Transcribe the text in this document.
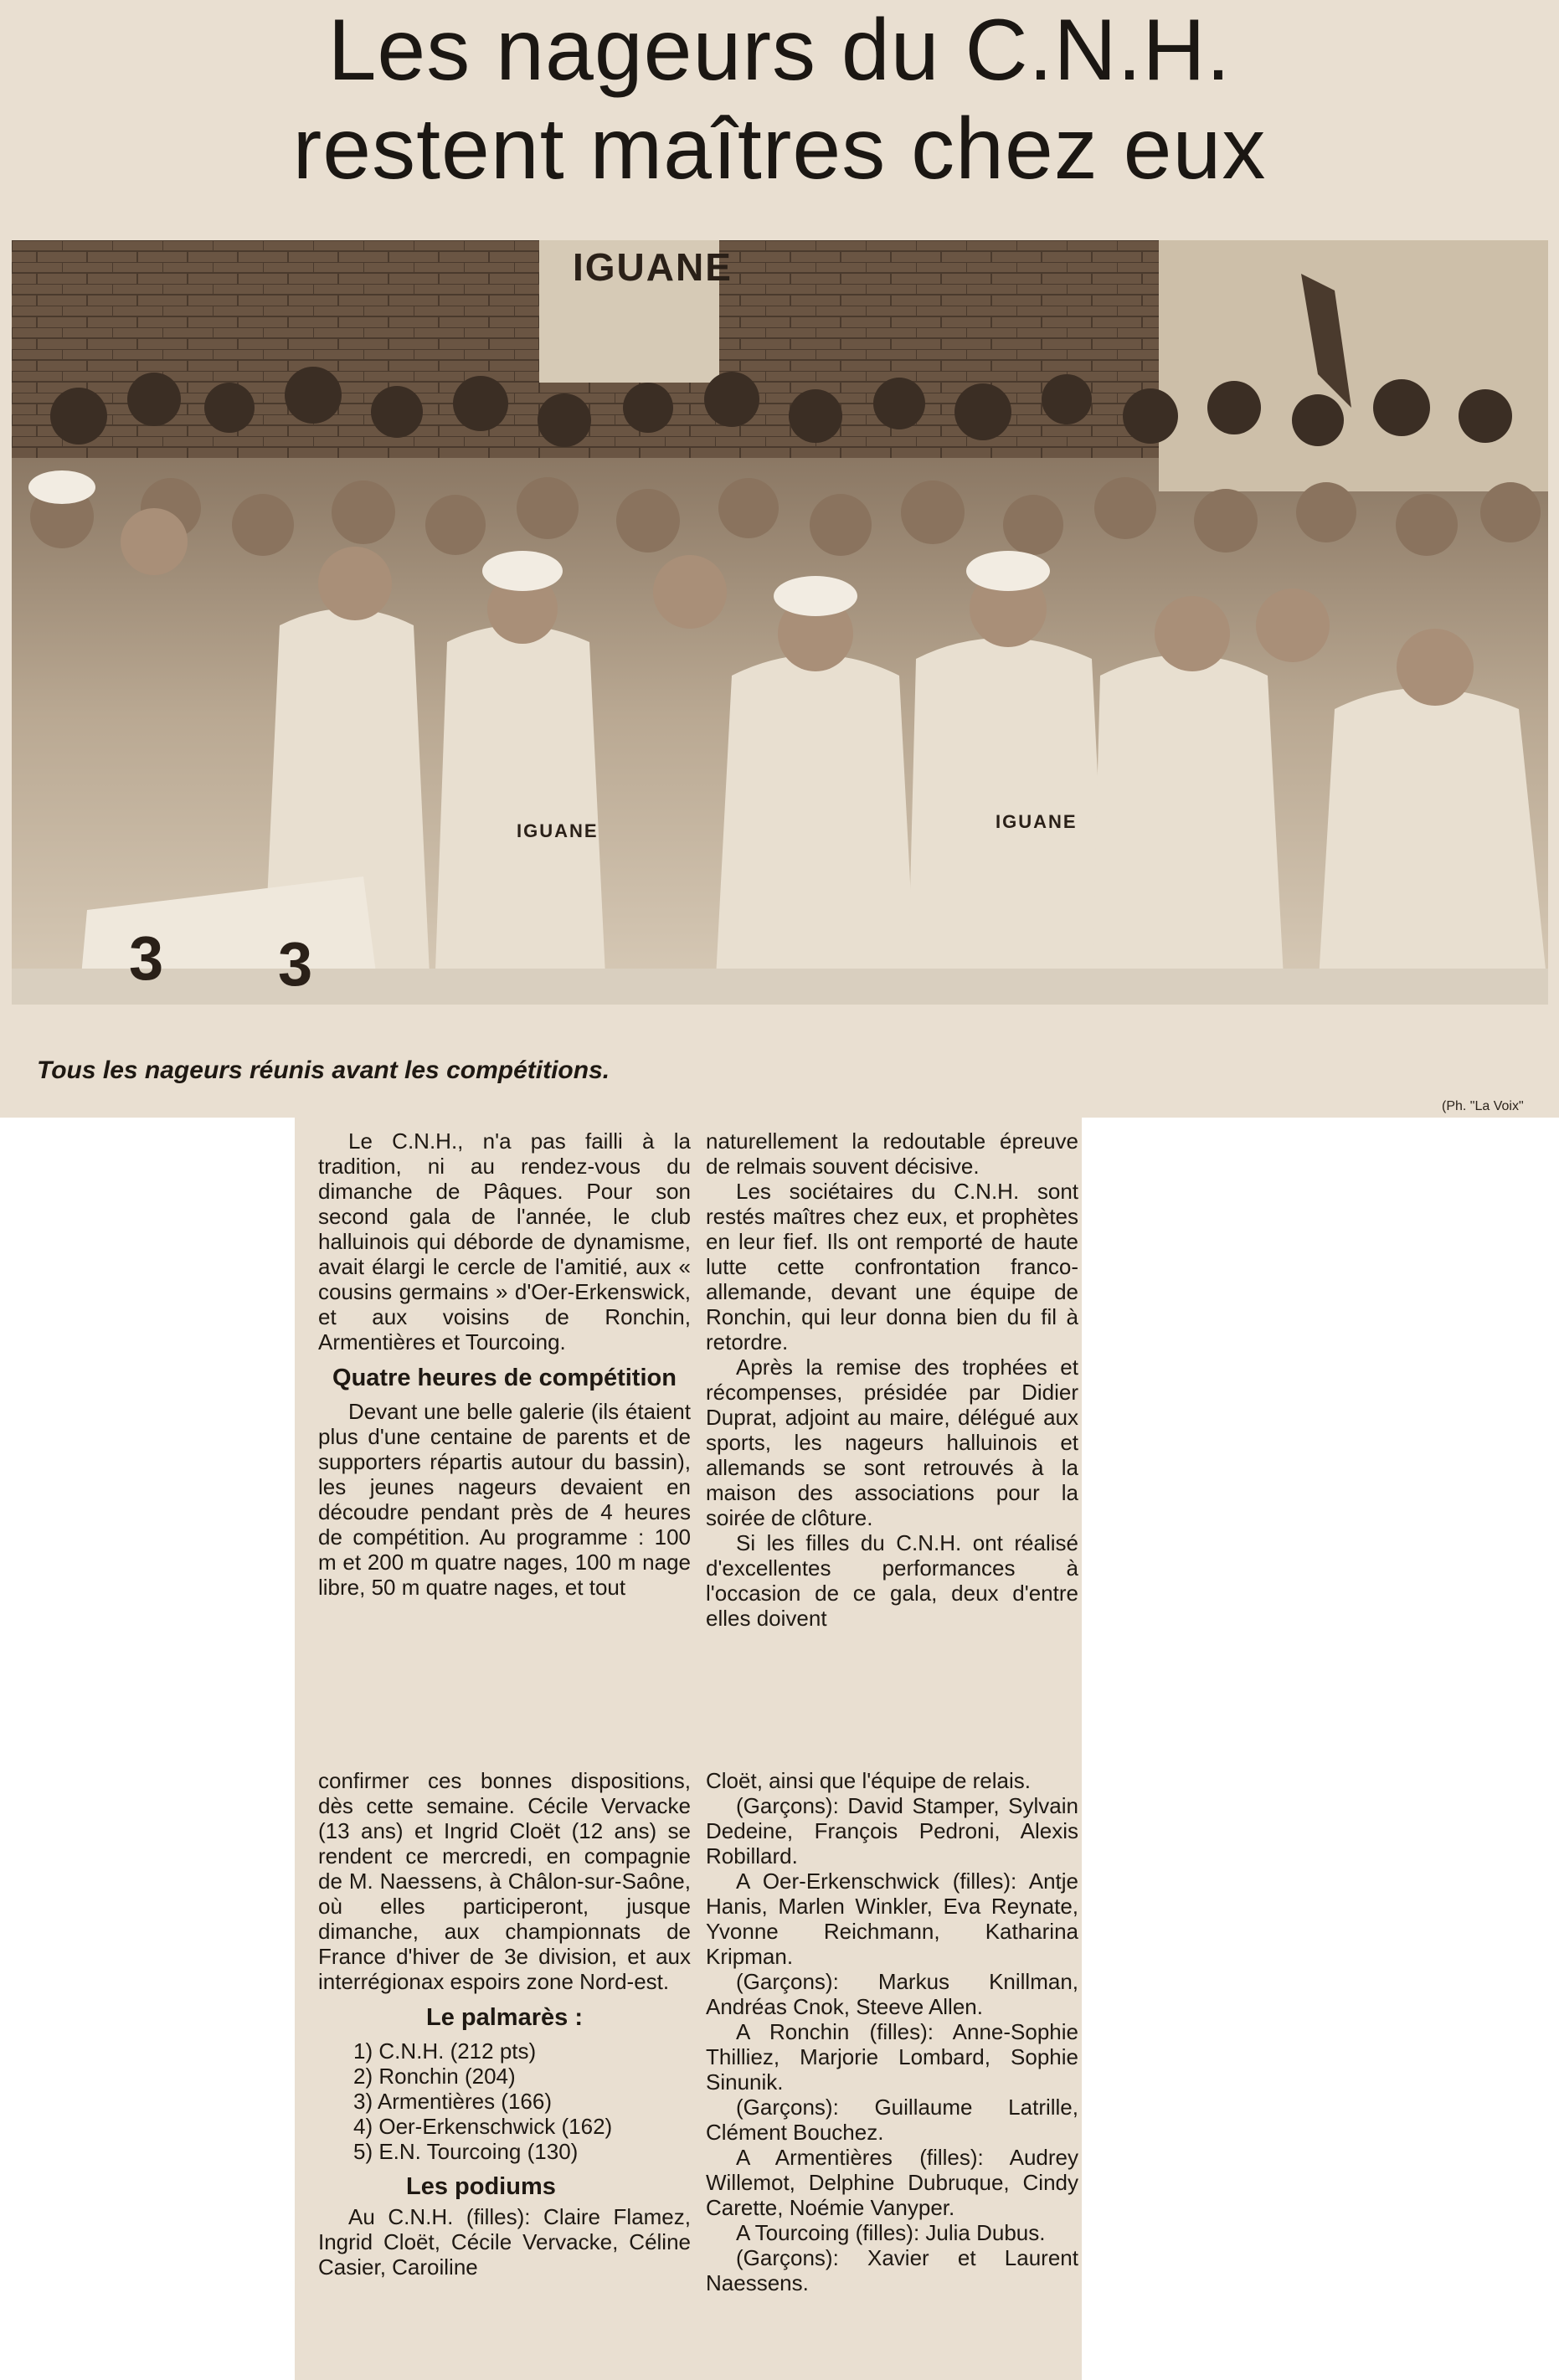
Les nageurs du C.N.H.
restent maîtres chez eux
IGUANE
IGUANE	IGUANE
3 3
Tous les nageurs réunis avant les compétitions.
(Ph. "La Voix"

Le C.N.H., n'a pas failli à la tradition, ni au rendez-vous du dimanche de Pâques. Pour son second gala de l'année, le club halluinois qui déborde de dynamisme, avait élargi le cercle de l'amitié, aux « cousins germains » d'Oer-Erkenswick, et aux voisins de Ronchin, Armentières et Tourcoing.

Quatre heures de compétition

Devant une belle galerie (ils étaient plus d'une centaine de parents et de supporters répartis autour du bassin), les jeunes nageurs devaient en découdre pendant près de 4 heures de compétition. Au programme : 100 m et 200 m quatre nages, 100 m nage libre, 50 m quatre nages, et tout

naturellement la redoutable épreuve de relmais souvent décisive.

Les sociétaires du C.N.H. sont restés maîtres chez eux, et prophètes en leur fief. Ils ont remporté de haute lutte cette confrontation franco-allemande, devant une équipe de Ronchin, qui leur donna bien du fil à retordre.

Après la remise des trophées et récompenses, présidée par Didier Duprat, adjoint au maire, délégué aux sports, les nageurs halluinois et allemands se sont retrouvés à la maison des associations pour la soirée de clôture.

Si les filles du C.N.H. ont réalisé d'excellentes performances à l'occasion de ce gala, deux d'entre elles doivent

confirmer ces bonnes dispositions, dès cette semaine. Cécile Vervacke (13 ans) et Ingrid Cloët (12 ans) se rendent ce mercredi, en compagnie de M. Naessens, à Châlon-sur-Saône, où elles participeront, jusque dimanche, aux championnats de France d'hiver de 3e division, et aux interrégionax espoirs zone Nord-est.

Le palmarès :

1) C.N.H. (212 pts)

2) Ronchin (204)

3) Armentières (166)

4) Oer-Erkenschwick (162)

5) E.N. Tourcoing (130)

Les podiums

Au C.N.H. (filles): Claire Flamez, Ingrid Cloët, Cécile Vervacke, Céline Casier, Caroiline

Cloët, ainsi que l'équipe de relais.

(Garçons): David Stamper, Sylvain Dedeine, François Pedroni, Alexis Robillard.

A Oer-Erkenschwick (filles): Antje Hanis, Marlen Winkler, Eva Reynate, Yvonne Reichmann, Katharina Kripman.

(Garçons): Markus Knillman, Andréas Cnok, Steeve Allen.

A Ronchin (filles): Anne-Sophie Thilliez, Marjorie Lombard, Sophie Sinunik.

(Garçons): Guillaume Latrille, Clément Bouchez.

A Armentières (filles): Audrey Willemot, Delphine Dubruque, Cindy Carette, Noémie Vanyper.

A Tourcoing (filles): Julia Dubus.

(Garçons): Xavier et Laurent Naessens.
